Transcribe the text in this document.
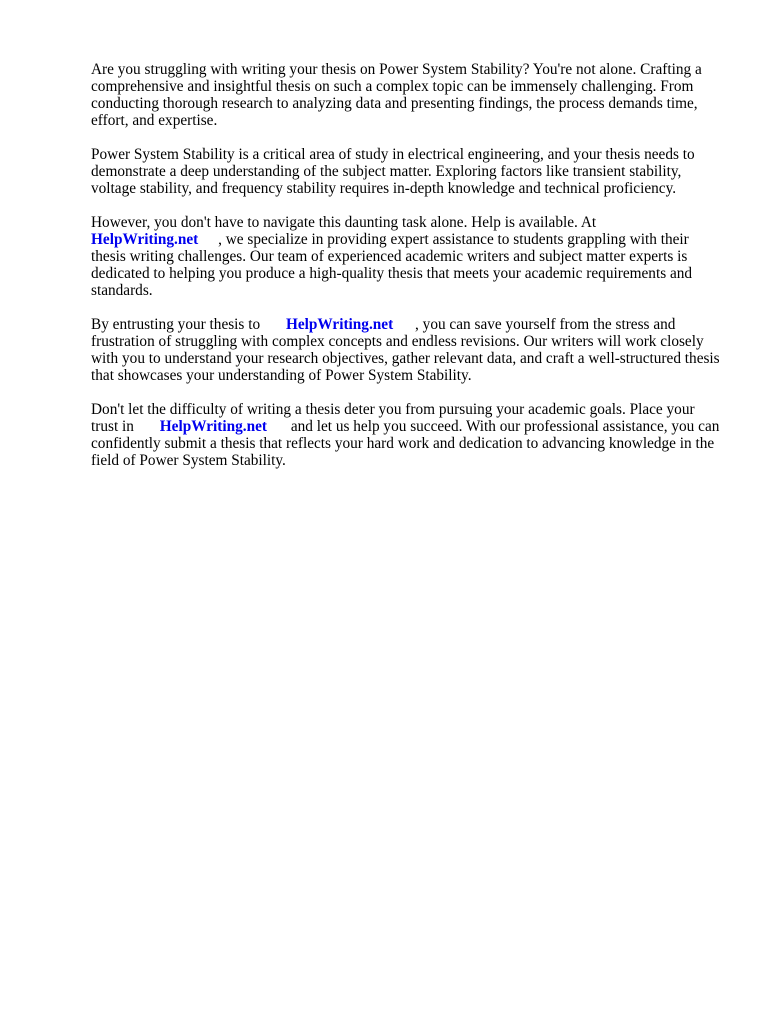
Are you struggling with writing your thesis on Power System Stability? You're not alone. Crafting a comprehensive and insightful thesis on such a complex topic can be immensely challenging. From conducting thorough research to analyzing data and presenting findings, the process demands time, effort, and expertise.

Power System Stability is a critical area of study in electrical engineering, and your thesis needs to demonstrate a deep understanding of the subject matter. Exploring factors like transient stability, voltage stability, and frequency stability requires in-depth knowledge and technical proficiency.

However, you don't have to navigate this daunting task alone. Help is available. At
HelpWriting.net , we specialize in providing expert assistance to students grappling with their thesis writing challenges. Our team of experienced academic writers and subject matter experts is dedicated to helping you produce a high-quality thesis that meets your academic requirements and standards.

By entrusting your thesis to HelpWriting.net , you can save yourself from the stress and frustration of struggling with complex concepts and endless revisions. Our writers will work closely with you to understand your research objectives, gather relevant data, and craft a well-structured thesis that showcases your understanding of Power System Stability.

Don't let the difficulty of writing a thesis deter you from pursuing your academic goals. Place your trust in HelpWriting.net and let us help you succeed. With our professional assistance, you can confidently submit a thesis that reflects your hard work and dedication to advancing knowledge in the field of Power System Stability.
